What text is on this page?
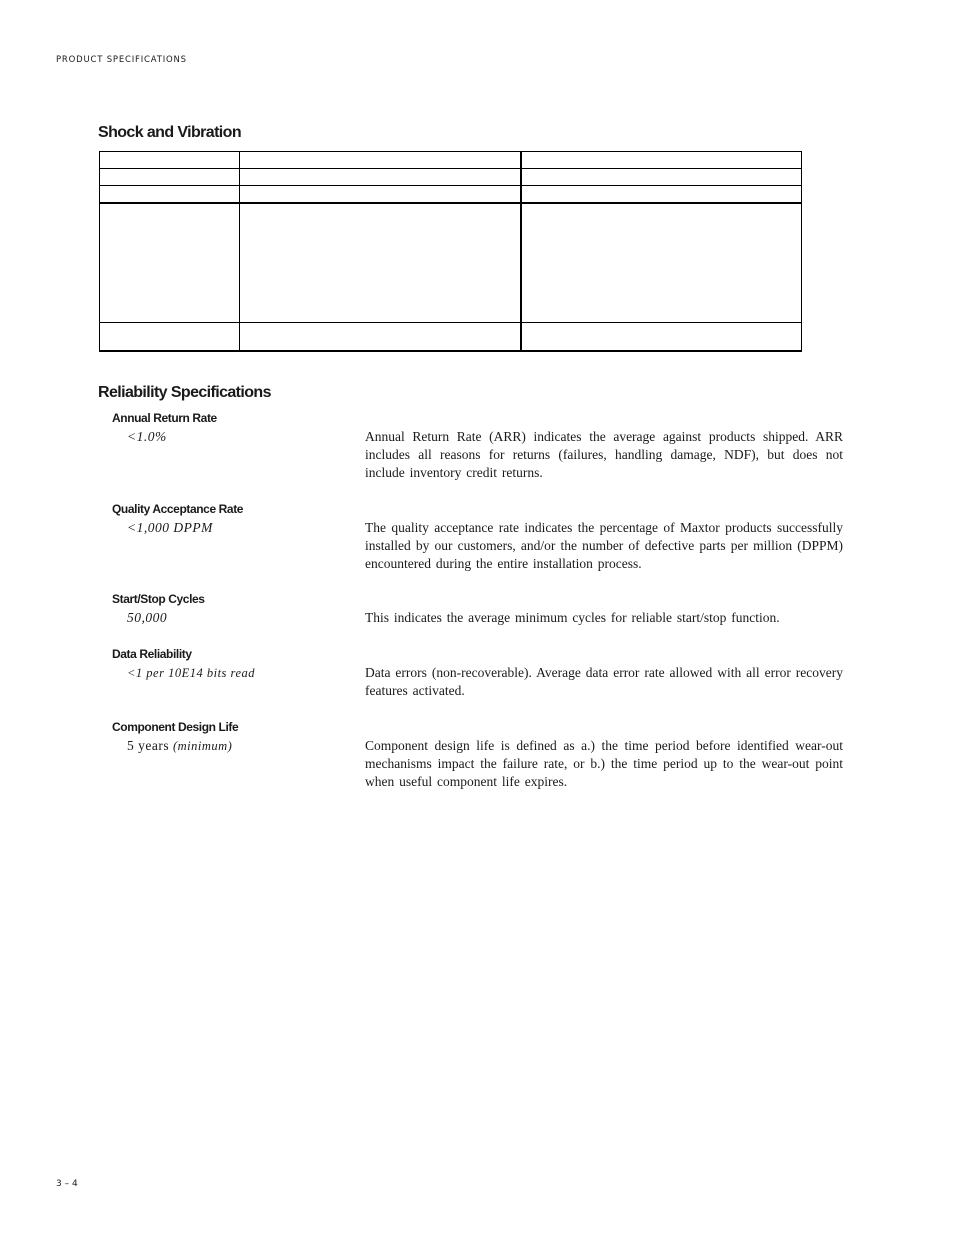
PRODUCT SPECIFICATIONS
Shock and Vibration

Reliability Specifications
Annual Return Rate
<1.0%	Annual Return Rate (ARR) indicates the average against products shipped. ARR includes all reasons for returns (failures, handling damage, NDF), but does not include inventory credit returns.
Quality Acceptance Rate
<1,000 DPPM	The quality acceptance rate indicates the percentage of Maxtor products successfully installed by our customers, and/or the number of defective parts per million (DPPM) encountered during the entire installation process.
Start/Stop Cycles
50,000	This indicates the average minimum cycles for reliable start/stop function.
Data Reliability
<1 per 10E14 bits read	Data errors (non-recoverable). Average data error rate allowed with all error recovery features activated.
Component Design Life
5 years (minimum)	Component design life is defined as a.) the time period before identified wear-out mechanisms impact the failure rate, or b.) the time period up to the wear-out point when useful component life expires.
3 – 4
